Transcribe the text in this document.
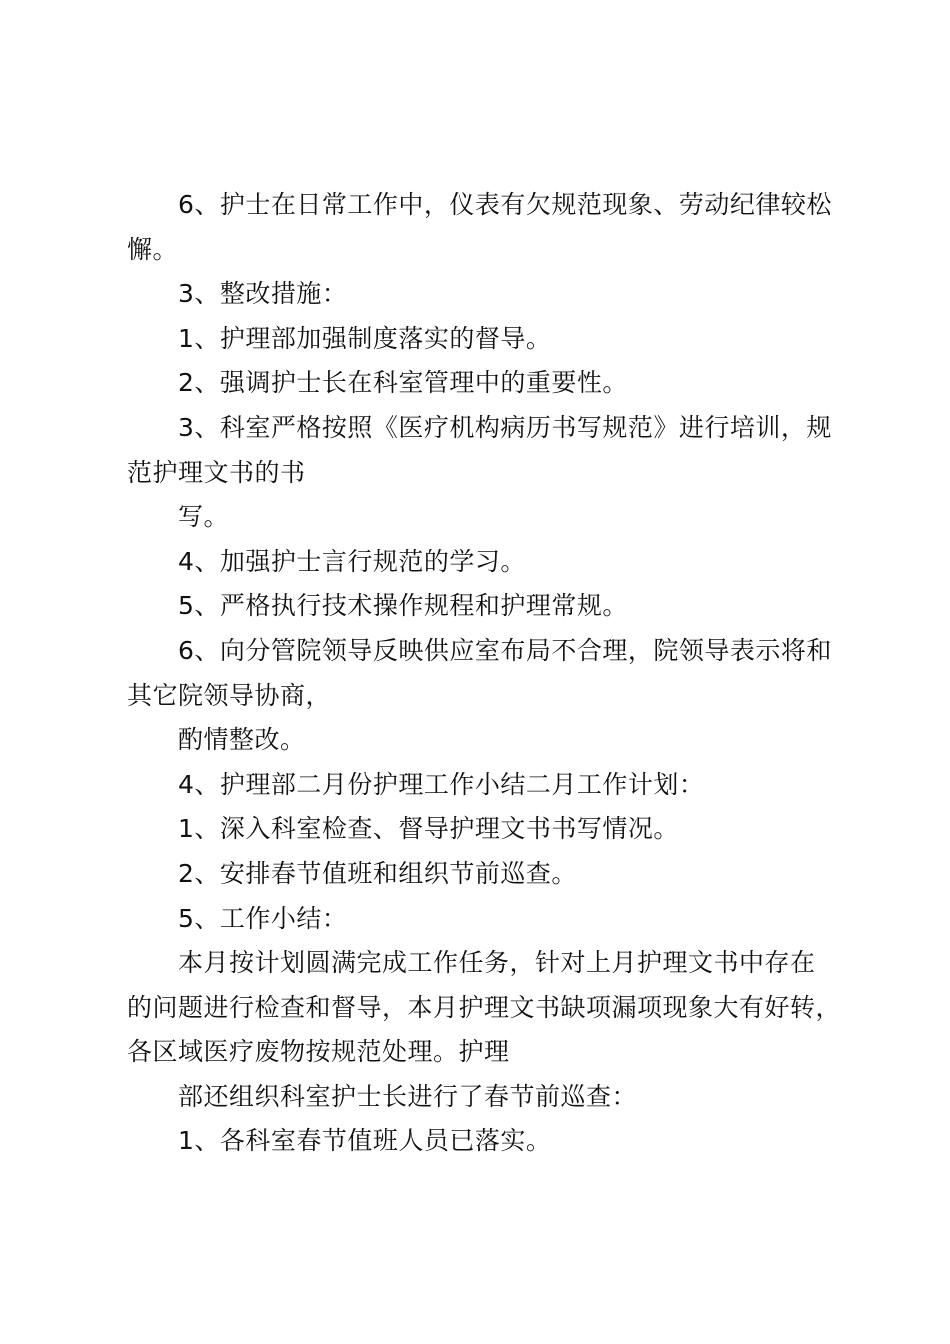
6、护士在日常工作中，仪表有欠规范现象、劳动纪律较松
懈。
3、整改措施：
1、护理部加强制度落实的督导。
2、强调护士长在科室管理中的重要性。
3、科室严格按照《医疗机构病历书写规范》进行培训，规
范护理文书的书
写。
4、加强护士言行规范的学习。
5、严格执行技术操作规程和护理常规。
6、向分管院领导反映供应室布局不合理，院领导表示将和
其它院领导协商，
酌情整改。
4、护理部二月份护理工作小结二月工作计划：
1、深入科室检查、督导护理文书书写情况。
2、安排春节值班和组织节前巡查。
5、工作小结：
本月按计划圆满完成工作任务，针对上月护理文书中存在
的问题进行检查和督导，本月护理文书缺项漏项现象大有好转，
各区域医疗废物按规范处理。护理
部还组织科室护士长进行了春节前巡查：
1、各科室春节值班人员已落实。
